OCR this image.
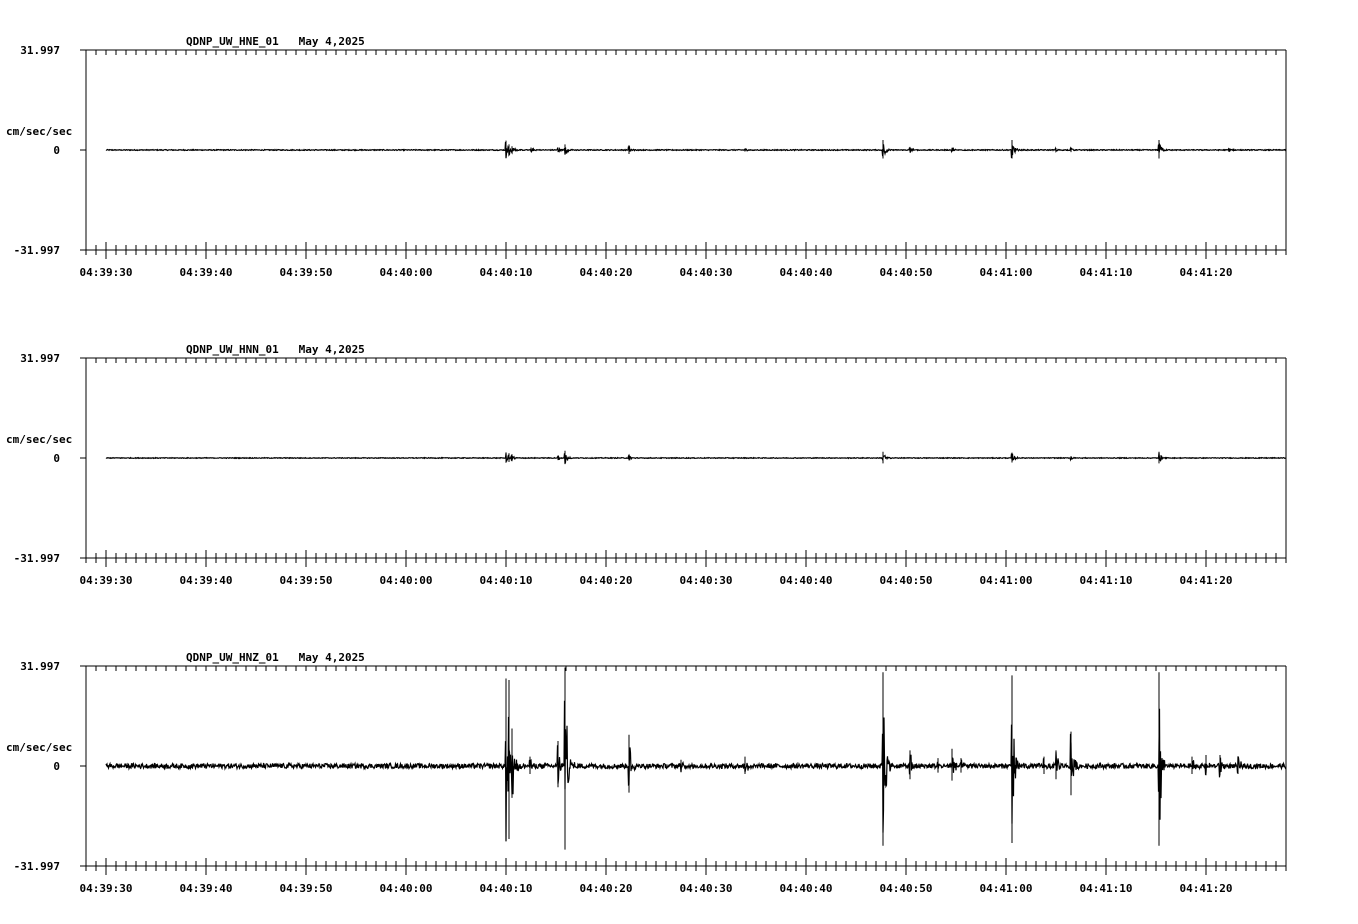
31.997
0
-31.997
cm/sec/sec
QDNP_UW_HNE_01   May 4,2025
04:39:30	04:39:40	04:39:50	04:40:00	04:40:10	04:40:20	04:40:30	04:40:40	04:40:50	04:41:00	04:41:10	04:41:20
31.997
0
-31.997
cm/sec/sec
QDNP_UW_HNN_01   May 4,2025
04:39:30	04:39:40	04:39:50	04:40:00	04:40:10	04:40:20	04:40:30	04:40:40	04:40:50	04:41:00	04:41:10	04:41:20
31.997
0
-31.997
cm/sec/sec
QDNP_UW_HNZ_01   May 4,2025
04:39:30	04:39:40	04:39:50	04:40:00	04:40:10	04:40:20	04:40:30	04:40:40	04:40:50	04:41:00	04:41:10	04:41:20
